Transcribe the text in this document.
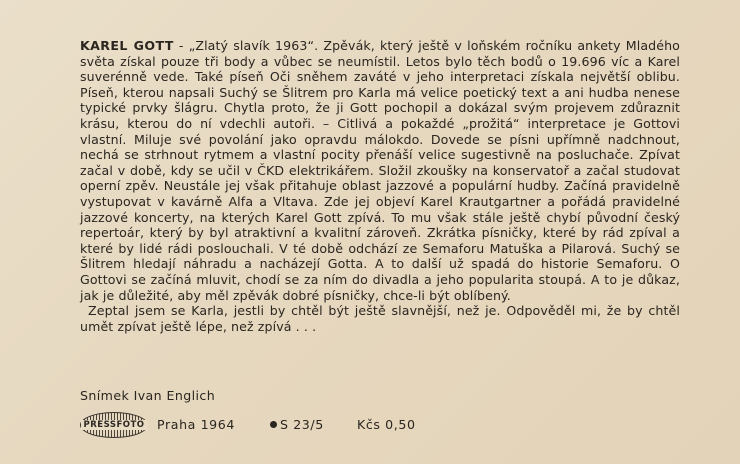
KAREL GOTT - „Zlatý slavík 1963“. Zpěvák, který ještě v loňském ročníku ankety Mladého světa získal pouze tři body a vůbec se neumístil. Letos bylo těch bodů o 19.696 víc a Karel suverénně vede. Také píseň Oči sněhem zaváté v jeho interpretaci získala největší oblibu. Píseň, kterou napsali Suchý se Šlitrem pro Karla má velice poetický text a ani hudba nenese typické prvky šlágru. Chytla proto, že ji Gott pochopil a dokázal svým projevem zdůraznit krásu, kterou do ní vdechli autoři. – Citlivá a pokaždé „prožitá“ interpretace je Gottovi vlastní. Miluje své povolání jako opravdu málokdo. Dovede se písni upřímně nadchnout, nechá se strhnout rytmem a vlastní pocity přenáší velice sugestivně na posluchače. Zpívat začal v době, kdy se učil v ČKD elektrikářem. Složil zkoušky na konservatoř a začal studovat operní zpěv. Neustále jej však přitahuje oblast jazzové a populární hudby. Začíná pravidelně vystupovat v kavárně Alfa a Vltava. Zde jej objeví Karel Krautgartner a pořádá pravidelné jazzové koncerty, na kterých Karel Gott zpívá. To mu však stále ještě chybí původní český repertoár, který by byl atraktivní a kvalitní zároveň. Zkrátka písničky, které by rád zpíval a které by lidé rádi poslouchali. V té době odchází ze Semaforu Matuška a Pilarová. Suchý se Šlitrem hledají náhradu a nacházejí Gotta. A to další už spadá do historie Semaforu. O Gottovi se začíná mluvit, chodí se za ním do divadla a jeho popularita stoupá. A to je důkaz, jak je důležité, aby měl zpěvák dobré písničky, chce-li být oblíbený.

Zeptal jsem se Karla, jestli by chtěl být ještě slavnější, než je. Odpověděl mi, že by chtěl umět zpívat ještě lépe, než zpívá . . .

Snímek Ivan Englich
PRESSFOTO Praha 1964	S 23/5	Kčs 0,50
